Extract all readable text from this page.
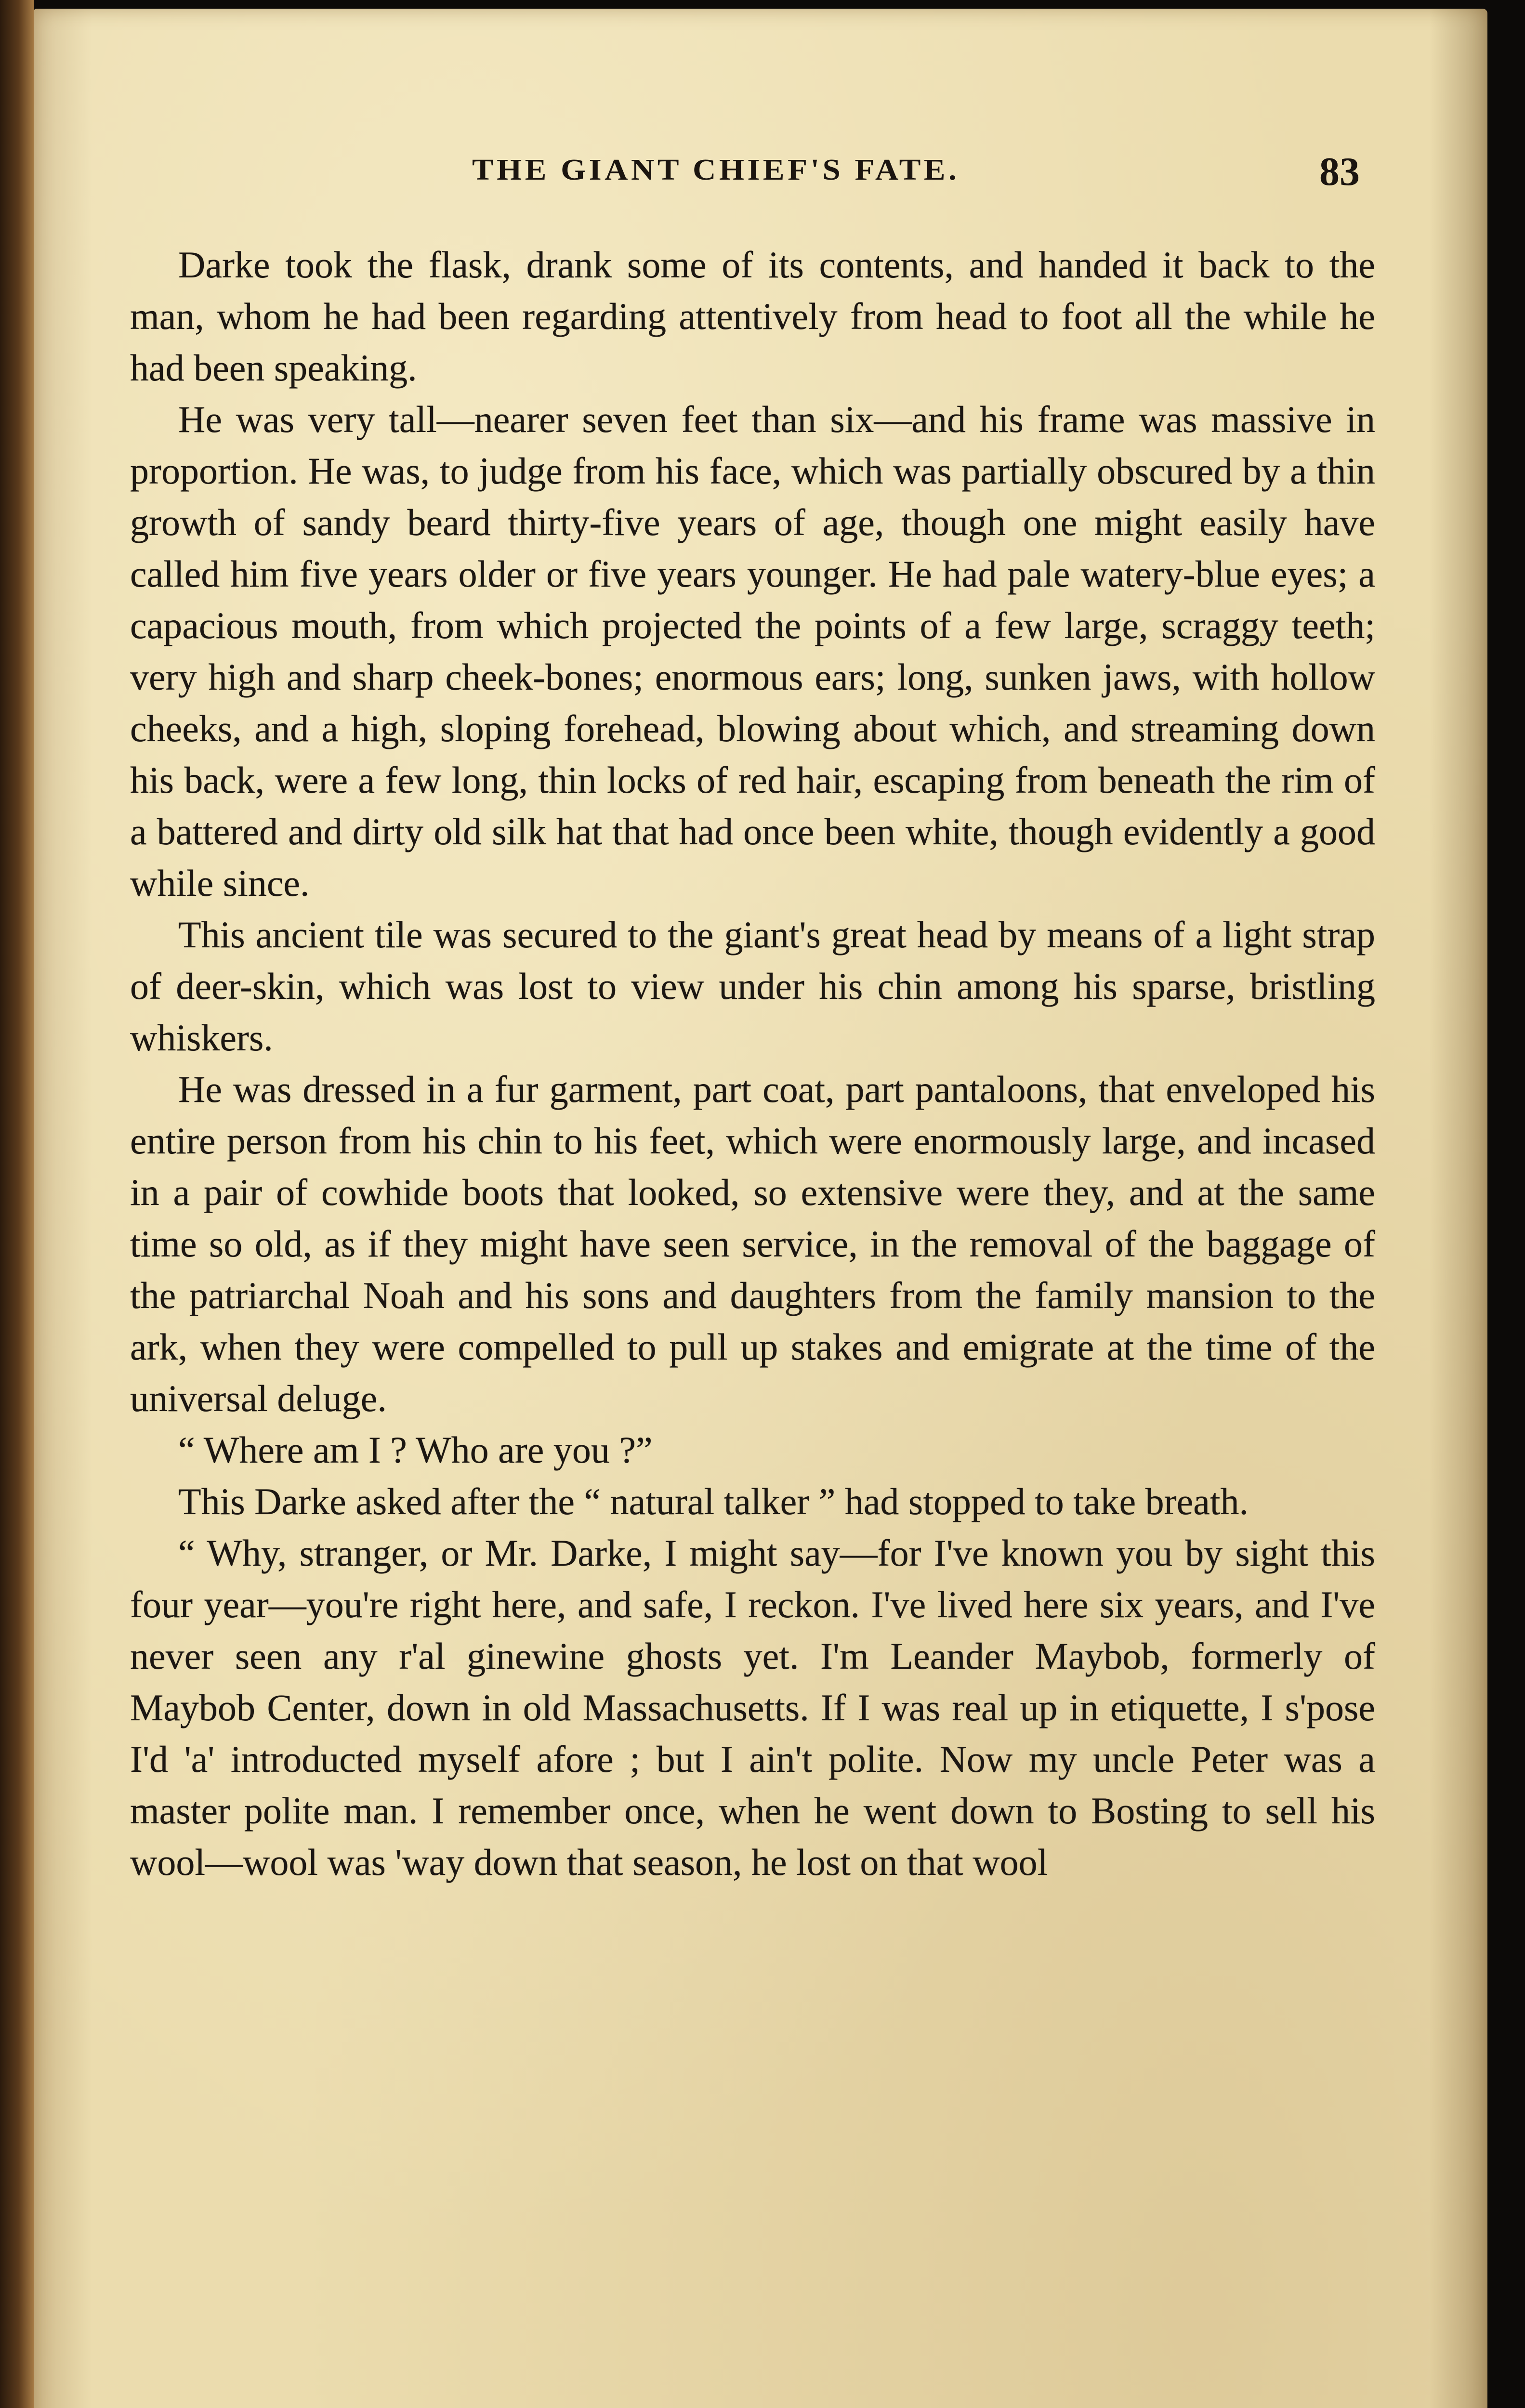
THE GIANT CHIEF'S FATE.	83

Darke took the flask, drank some of its contents, and handed it back to the man, whom he had been regarding attentively from head to foot all the while he had been speaking.

He was very tall—nearer seven feet than six—and his frame was massive in proportion. He was, to judge from his face, which was partially obscured by a thin growth of sandy beard thirty-five years of age, though one might easily have called him five years older or five years younger. He had pale watery-blue eyes; a capacious mouth, from which projected the points of a few large, scraggy teeth; very high and sharp cheek-bones; enormous ears; long, sunken jaws, with hollow cheeks, and a high, sloping forehead, blowing about which, and streaming down his back, were a few long, thin locks of red hair, escaping from beneath the rim of a battered and dirty old silk hat that had once been white, though evidently a good while since.

This ancient tile was secured to the giant's great head by means of a light strap of deer-skin, which was lost to view under his chin among his sparse, bristling whiskers.

He was dressed in a fur garment, part coat, part pantaloons, that enveloped his entire person from his chin to his feet, which were enormously large, and incased in a pair of cowhide boots that looked, so extensive were they, and at the same time so old, as if they might have seen service, in the removal of the baggage of the patriarchal Noah and his sons and daughters from the family mansion to the ark, when they were compelled to pull up stakes and emigrate at the time of the universal deluge.

“ Where am I ? Who are you ?”

This Darke asked after the “ natural talker ” had stopped to take breath.

“ Why, stranger, or Mr. Darke, I might say—for I've known you by sight this four year—you're right here, and safe, I reckon. I've lived here six years, and I've never seen any r'al ginewine ghosts yet. I'm Leander Maybob, formerly of Maybob Center, down in old Massachusetts. If I was real up in etiquette, I s'pose I'd 'a' introducted myself afore ; but I ain't polite. Now my uncle Peter was a master polite man. I remember once, when he went down to Bosting to sell his wool—wool was 'way down that season, he lost on that wool
